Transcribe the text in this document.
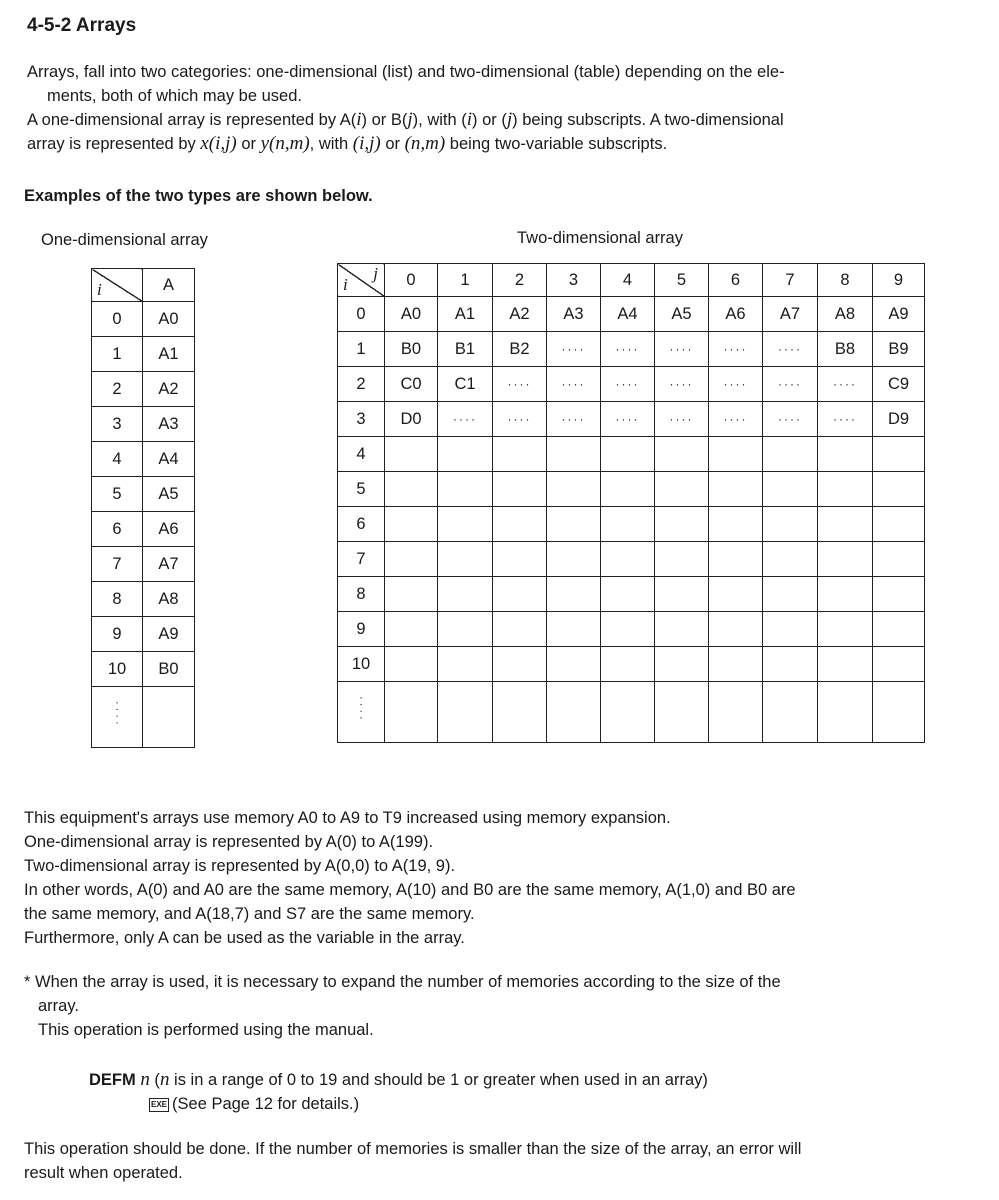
4-5-2 Arrays

Arrays, fall into two categories: one-dimensional (list) and two-dimensional (table) depending on the ele-

ments, both of which may be used.

A one-dimensional array is represented by A(i) or B(j), with (i) or (j) being subscripts. A two-dimensional

array is represented by x(i,j) or y(n,m), with (i,j) or (n,m) being two-variable subscripts.

Examples of the two types are shown below.
One-dimensional array	Two-dimensional array
i	A
0	A0
1	A1
2	A2
3	A3
4	A4
5	A5
6	A6
7	A7
8	A8
9	A9
10	B0
····	
i
j	0	1	2	3	4	5	6	7	8	9
0	A0	A1	A2	A3	A4	A5	A6	A7	A8	A9
1	B0	B1	B2	····	····	····	····	····	B8	B9
2	C0	C1	····	····	····	····	····	····	····	C9
3	D0	····	····	····	····	····	····	····	····	D9
4										
5										
6										
7										
8										
9										
10										
····										

This equipment's arrays use memory A0 to A9 to T9 increased using memory expansion.

One-dimensional array is represented by A(0) to A(199).

Two-dimensional array is represented by A(0,0) to A(19, 9).

In other words, A(0) and A0 are the same memory, A(10) and B0 are the same memory, A(1,0) and B0 are

the same memory, and A(18,7) and S7 are the same memory.

Furthermore, only A can be used as the variable in the array.

* When the array is used, it is necessary to expand the number of memories according to the size of the

array.

This operation is performed using the manual.

DEFM n (n is in a range of 0 to 19 and should be 1 or greater when used in an array)
EXE (See Page 12 for details.)

This operation should be done. If the number of memories is smaller than the size of the array, an error will

result when operated.
